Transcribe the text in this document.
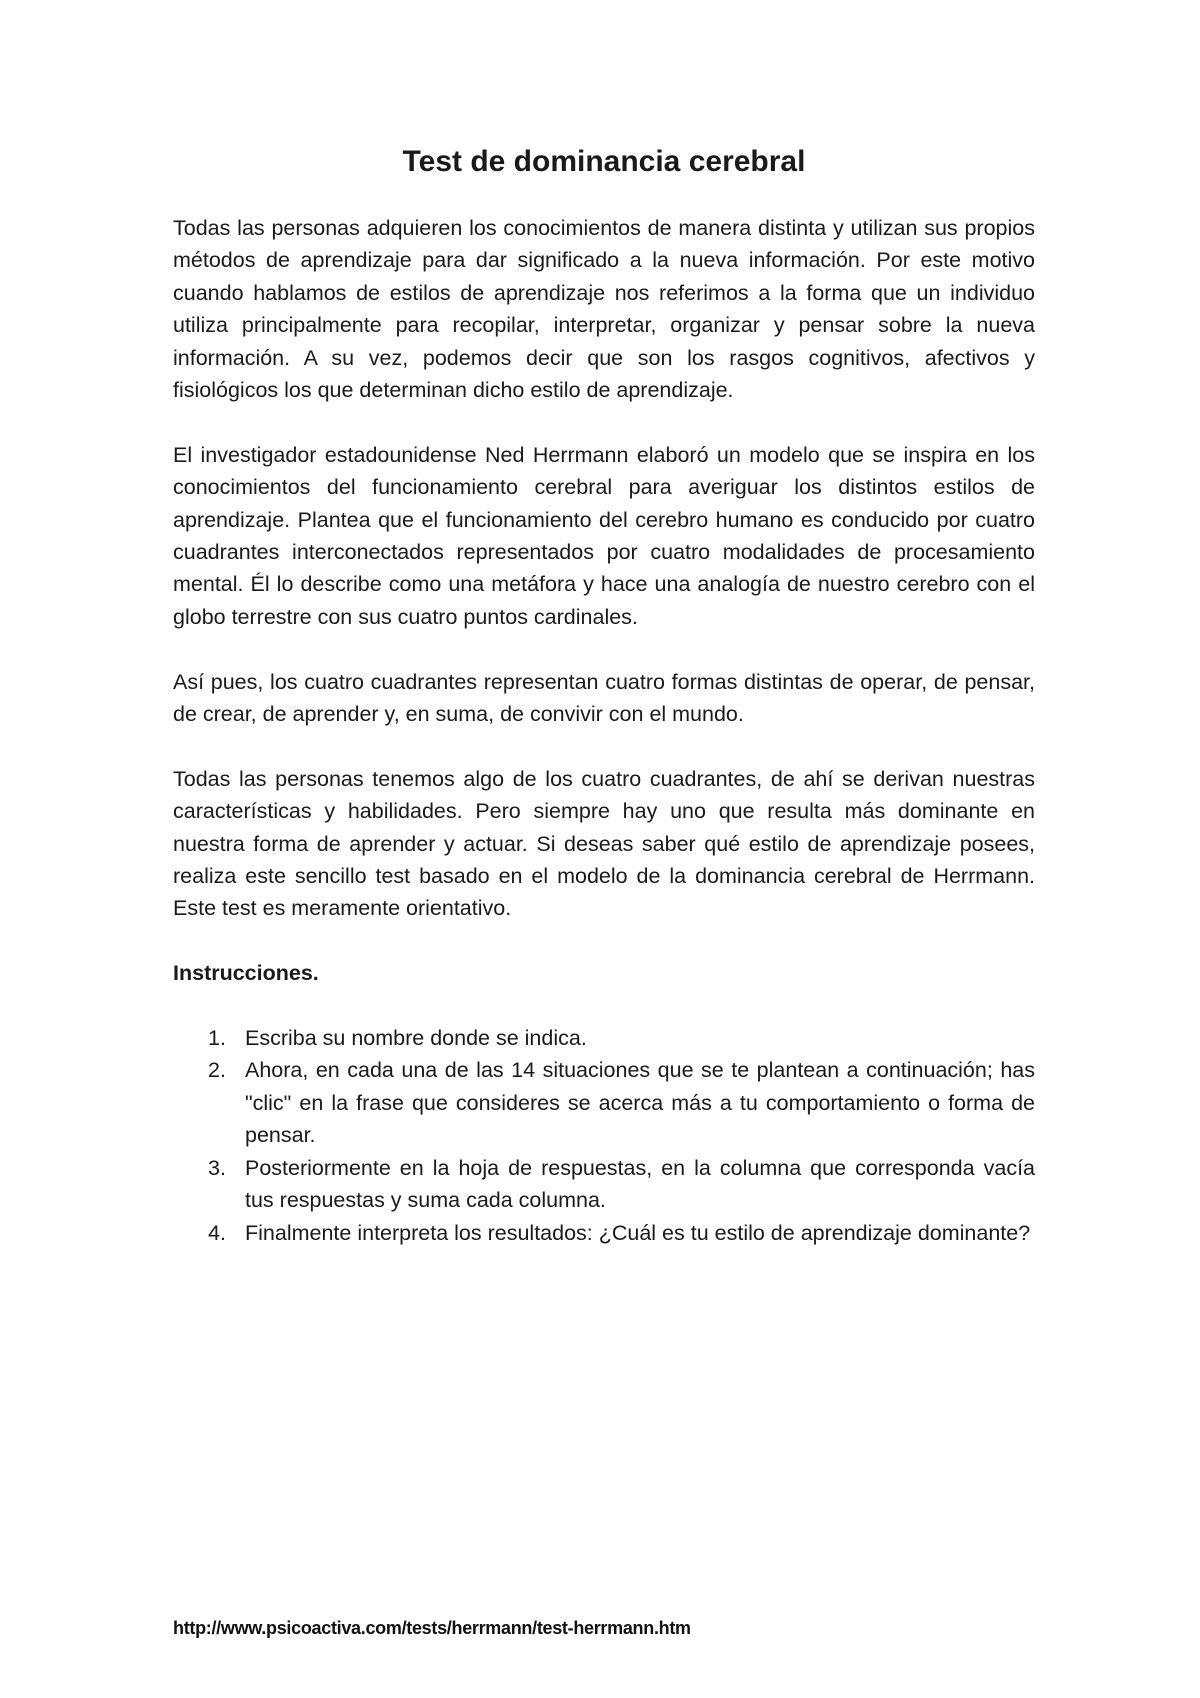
Test de dominancia cerebral

Todas las personas adquieren los conocimientos de manera distinta y utilizan sus propios métodos de aprendizaje para dar significado a la nueva información. Por este motivo cuando hablamos de estilos de aprendizaje nos referimos a la forma que un individuo utiliza principalmente para recopilar, interpretar, organizar y pensar sobre la nueva información. A su vez, podemos decir que son los rasgos cognitivos, afectivos y fisiológicos los que determinan dicho estilo de aprendizaje.

El investigador estadounidense Ned Herrmann elaboró un modelo que se inspira en los conocimientos del funcionamiento cerebral para averiguar los distintos estilos de aprendizaje. Plantea que el funcionamiento del cerebro humano es conducido por cuatro cuadrantes interconectados representados por cuatro modalidades de procesamiento mental. Él lo describe como una metáfora y hace una analogía de nuestro cerebro con el globo terrestre con sus cuatro puntos cardinales.

Así pues, los cuatro cuadrantes representan cuatro formas distintas de operar, de pensar, de crear, de aprender y, en suma, de convivir con el mundo.

Todas las personas tenemos algo de los cuatro cuadrantes, de ahí se derivan nuestras características y habilidades. Pero siempre hay uno que resulta más dominante en nuestra forma de aprender y actuar. Si deseas saber qué estilo de aprendizaje posees, realiza este sencillo test basado en el modelo de la dominancia cerebral de Herrmann. Este test es meramente orientativo.

Instrucciones.

1. Escriba su nombre donde se indica.
2. Ahora, en cada una de las 14 situaciones que se te plantean a continuación; has "clic" en la frase que consideres se acerca más a tu comportamiento o forma de pensar.
3. Posteriormente en la hoja de respuestas, en la columna que corresponda vacía tus respuestas y suma cada columna.
4. Finalmente interpreta los resultados: ¿Cuál es tu estilo de aprendizaje dominante?
http://www.psicoactiva.com/tests/herrmann/test-herrmann.htm
